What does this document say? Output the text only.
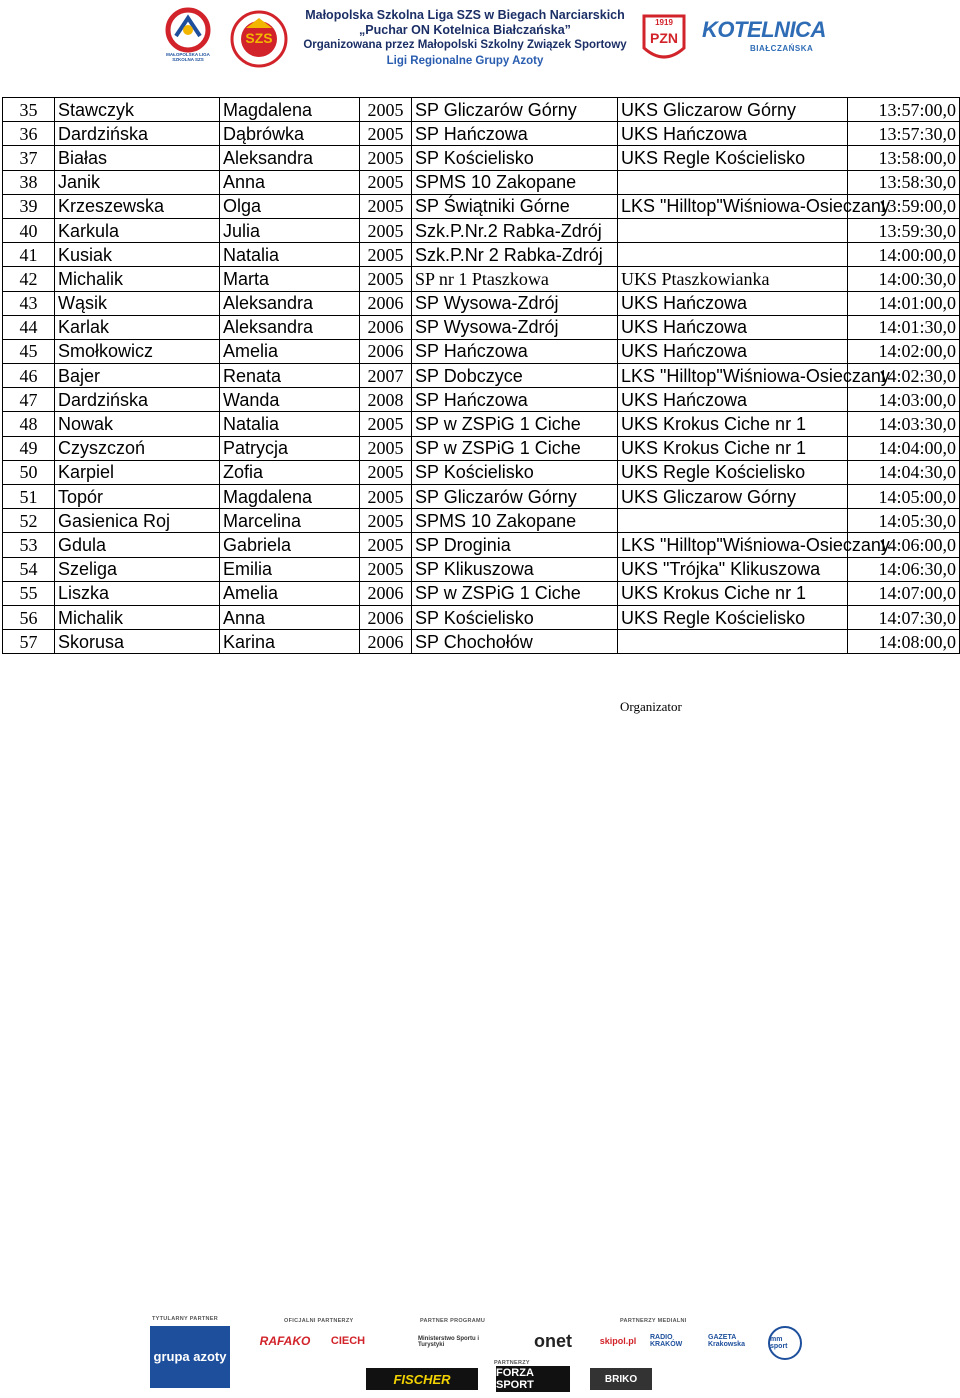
MAŁOPOLSKA LIGA SZKOLNA SZS
SZS
Małopolska Szkolna Liga SZS w Biegach Narciarskich
„Puchar ON Kotelnica Białczańska”
Organizowana przez Małopolski Szkolny Związek Sportowy
Ligi Regionalne Grupy Azoty
1919
PZN	KOTELNICA
BIAŁCZAŃSKA
35	Stawczyk	Magdalena	2005	SP Gliczarów Górny	UKS Gliczarow Górny	13:57:00,0
36	Dardzińska	Dąbrówka	2005	SP Hańczowa	UKS Hańczowa	13:57:30,0
37	Białas	Aleksandra	2005	SP Kościelisko	UKS Regle Kościelisko	13:58:00,0
38	Janik	Anna	2005	SPMS 10 Zakopane		13:58:30,0
39	Krzeszewska	Olga	2005	SP Świątniki Górne	LKS "Hilltop"Wiśniowa-Osieczany	13:59:00,0
40	Karkula	Julia	2005	Szk.P.Nr.2 Rabka-Zdrój		13:59:30,0
41	Kusiak	Natalia	2005	Szk.P.Nr 2 Rabka-Zdrój		14:00:00,0
42	Michalik	Marta	2005	SP nr 1 Ptaszkowa	UKS Ptaszkowianka	14:00:30,0
43	Wąsik	Aleksandra	2006	SP Wysowa-Zdrój	UKS Hańczowa	14:01:00,0
44	Karlak	Aleksandra	2006	SP Wysowa-Zdrój	UKS Hańczowa	14:01:30,0
45	Smołkowicz	Amelia	2006	SP Hańczowa	UKS Hańczowa	14:02:00,0
46	Bajer	Renata	2007	SP Dobczyce	LKS "Hilltop"Wiśniowa-Osieczany	14:02:30,0
47	Dardzińska	Wanda	2008	SP Hańczowa	UKS Hańczowa	14:03:00,0
48	Nowak	Natalia	2005	SP w ZSPiG 1 Ciche	UKS Krokus Ciche nr 1	14:03:30,0
49	Czyszczoń	Patrycja	2005	SP w ZSPiG 1 Ciche	UKS Krokus Ciche nr 1	14:04:00,0
50	Karpiel	Zofia	2005	SP Kościelisko	UKS Regle Kościelisko	14:04:30,0
51	Topór	Magdalena	2005	SP Gliczarów Górny	UKS Gliczarow Górny	14:05:00,0
52	Gasienica Roj	Marcelina	2005	SPMS 10 Zakopane		14:05:30,0
53	Gdula	Gabriela	2005	SP Droginia	LKS "Hilltop"Wiśniowa-Osieczany	14:06:00,0
54	Szeliga	Emilia	2005	SP Klikuszowa	UKS "Trójka" Klikuszowa	14:06:30,0
55	Liszka	Amelia	2006	SP w ZSPiG 1 Ciche	UKS Krokus Ciche nr 1	14:07:00,0
56	Michalik	Anna	2006	SP Kościelisko	UKS Regle Kościelisko	14:07:30,0
57	Skorusa	Karina	2006	SP Chochołów		14:08:00,0
Organizator
TYTULARNY PARTNER	OFICJALNI PARTNERZY	PARTNER PROGRAMU	PARTNERZY MEDIALNI
PARTNERZY
grupa azoty
RAFAKO CIECH	Ministerstwo Sportu i Turystyki	onet	skipol.pl RADIO KRAKÓW
GAZETA Krakowska
mm sport
FISCHER	FORZA SPORT	BRIKO
